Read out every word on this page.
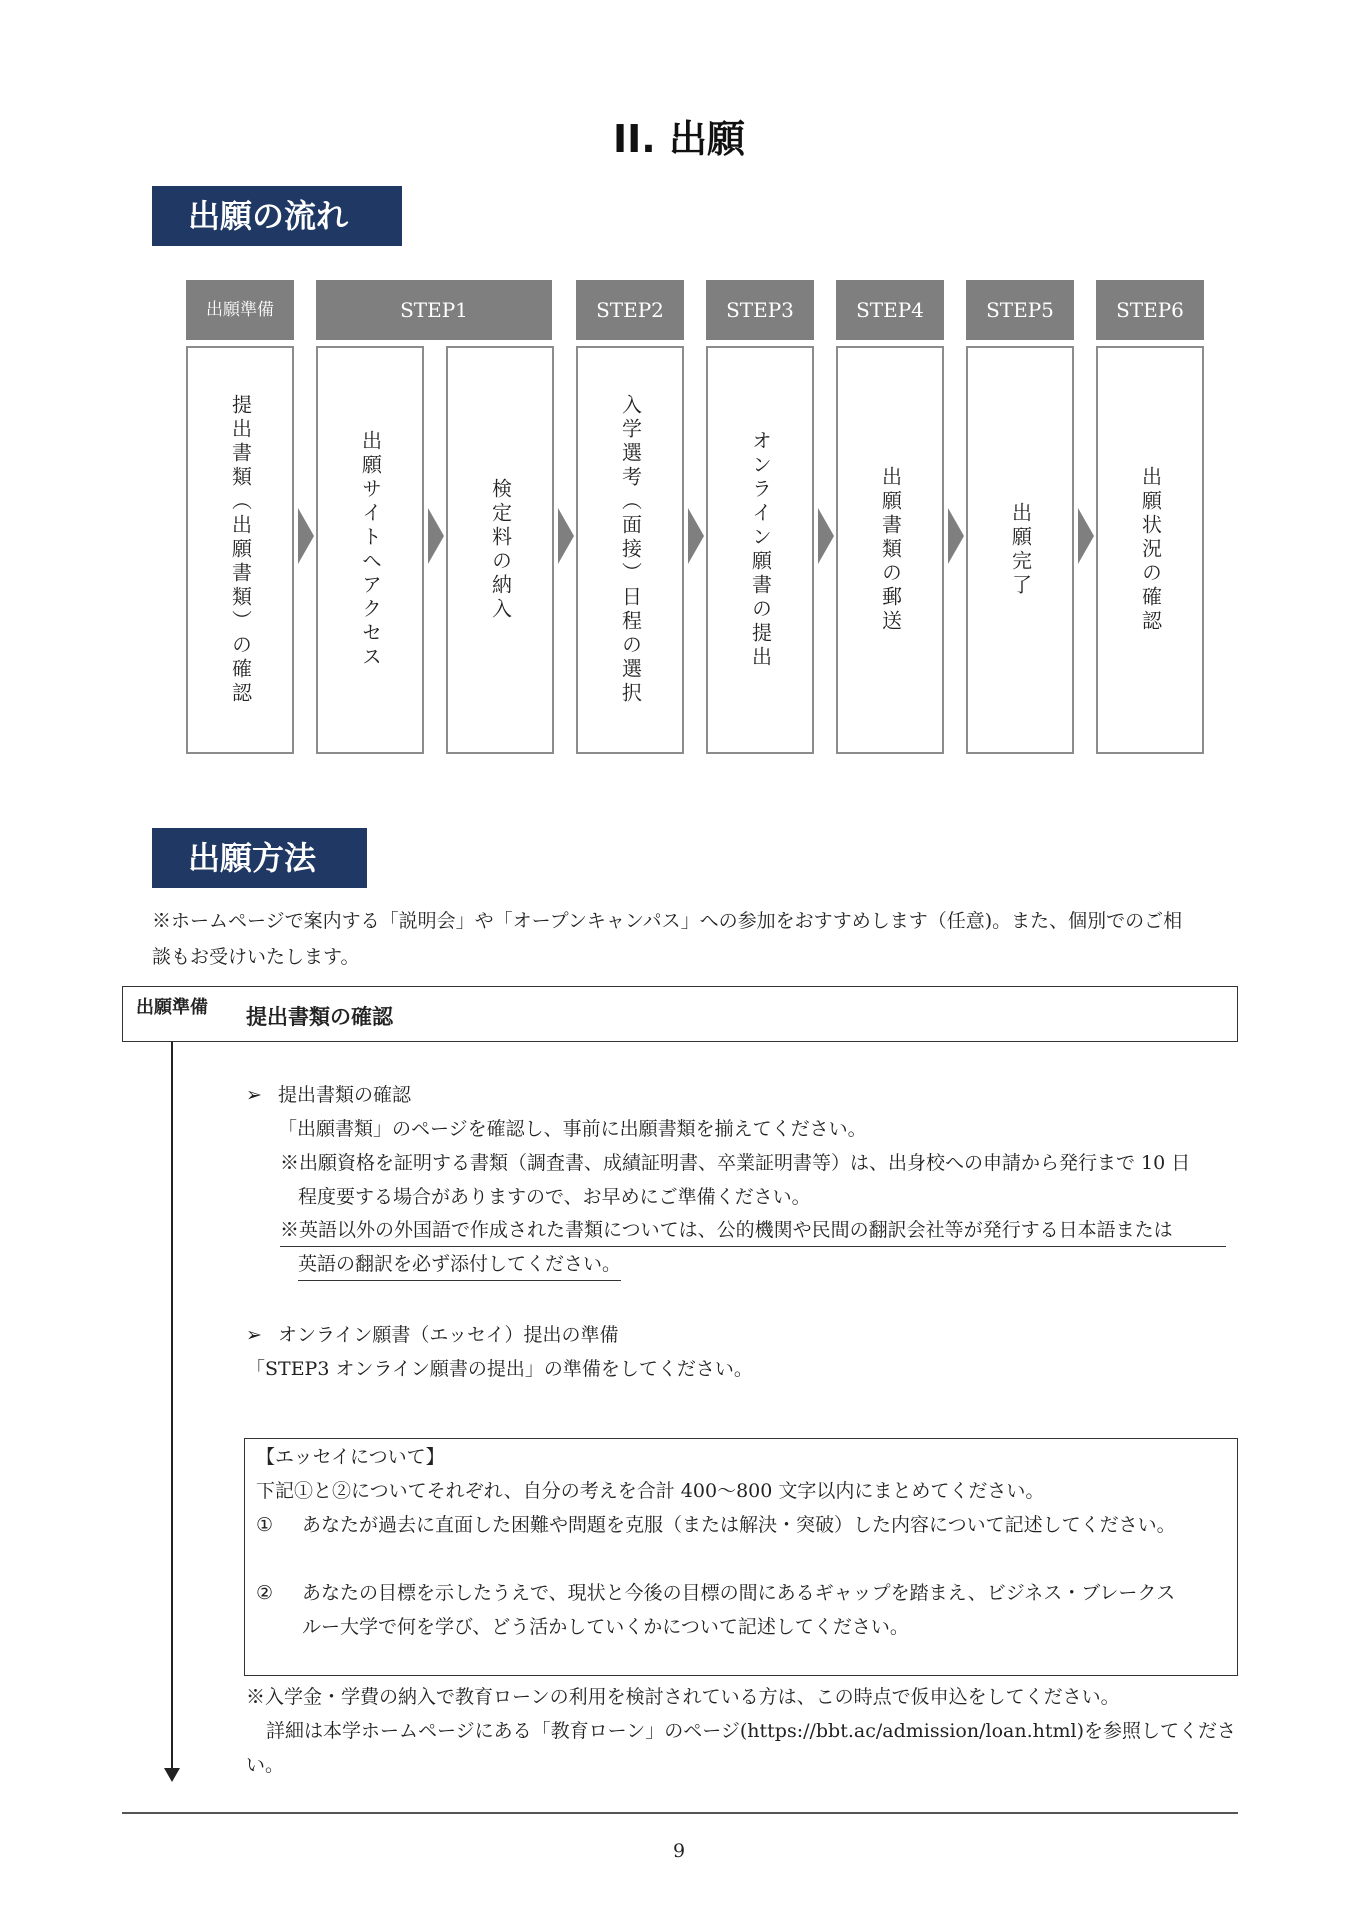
II. 出願
出願の流れ
出願準備	STEP1	STEP2	STEP3	STEP4	STEP5	STEP6
提出書類︵出願書類︶の確認	出願サイトへアクセス	検定料の納入	入学選考︵面接︶日程の選択	オンライン願書の提出	出願書類の郵送	出願完了	出願状況の確認
出願方法
※ホームページで案内する「説明会」や「オープンキャンパス」への参加をおすすめします（任意)。また、個別でのご相
談もお受けいたします。
出願準備 提出書類の確認
➢ 提出書類の確認
「出願書類」のページを確認し、事前に出願書類を揃えてください。
※出願資格を証明する書類（調査書、成績証明書、卒業証明書等）は、出身校への申請から発行まで 10 日
程度要する場合がありますので、お早めにご準備ください。
※英語以外の外国語で作成された書類については、公的機関や民間の翻訳会社等が発行する日本語または
英語の翻訳を必ず添付してください。
➢ オンライン願書（エッセイ）提出の準備
「STEP3 オンライン願書の提出」の準備をしてください。
【エッセイについて】
下記①と②についてそれぞれ、自分の考えを合計 400〜800 文字以内にまとめてください。
① あなたが過去に直面した困難や問題を克服（または解決・突破）した内容について記述してください。
② あなたの目標を示したうえで、現状と今後の目標の間にあるギャップを踏まえ、ビジネス・ブレークス
ルー大学で何を学び、どう活かしていくかについて記述してください。
※入学金・学費の納入で教育ローンの利用を検討されている方は、この時点で仮申込をしてください。
詳細は本学ホームページにある「教育ローン」のページ(https://bbt.ac/admission/loan.html)を参照してくださ
い。
9
